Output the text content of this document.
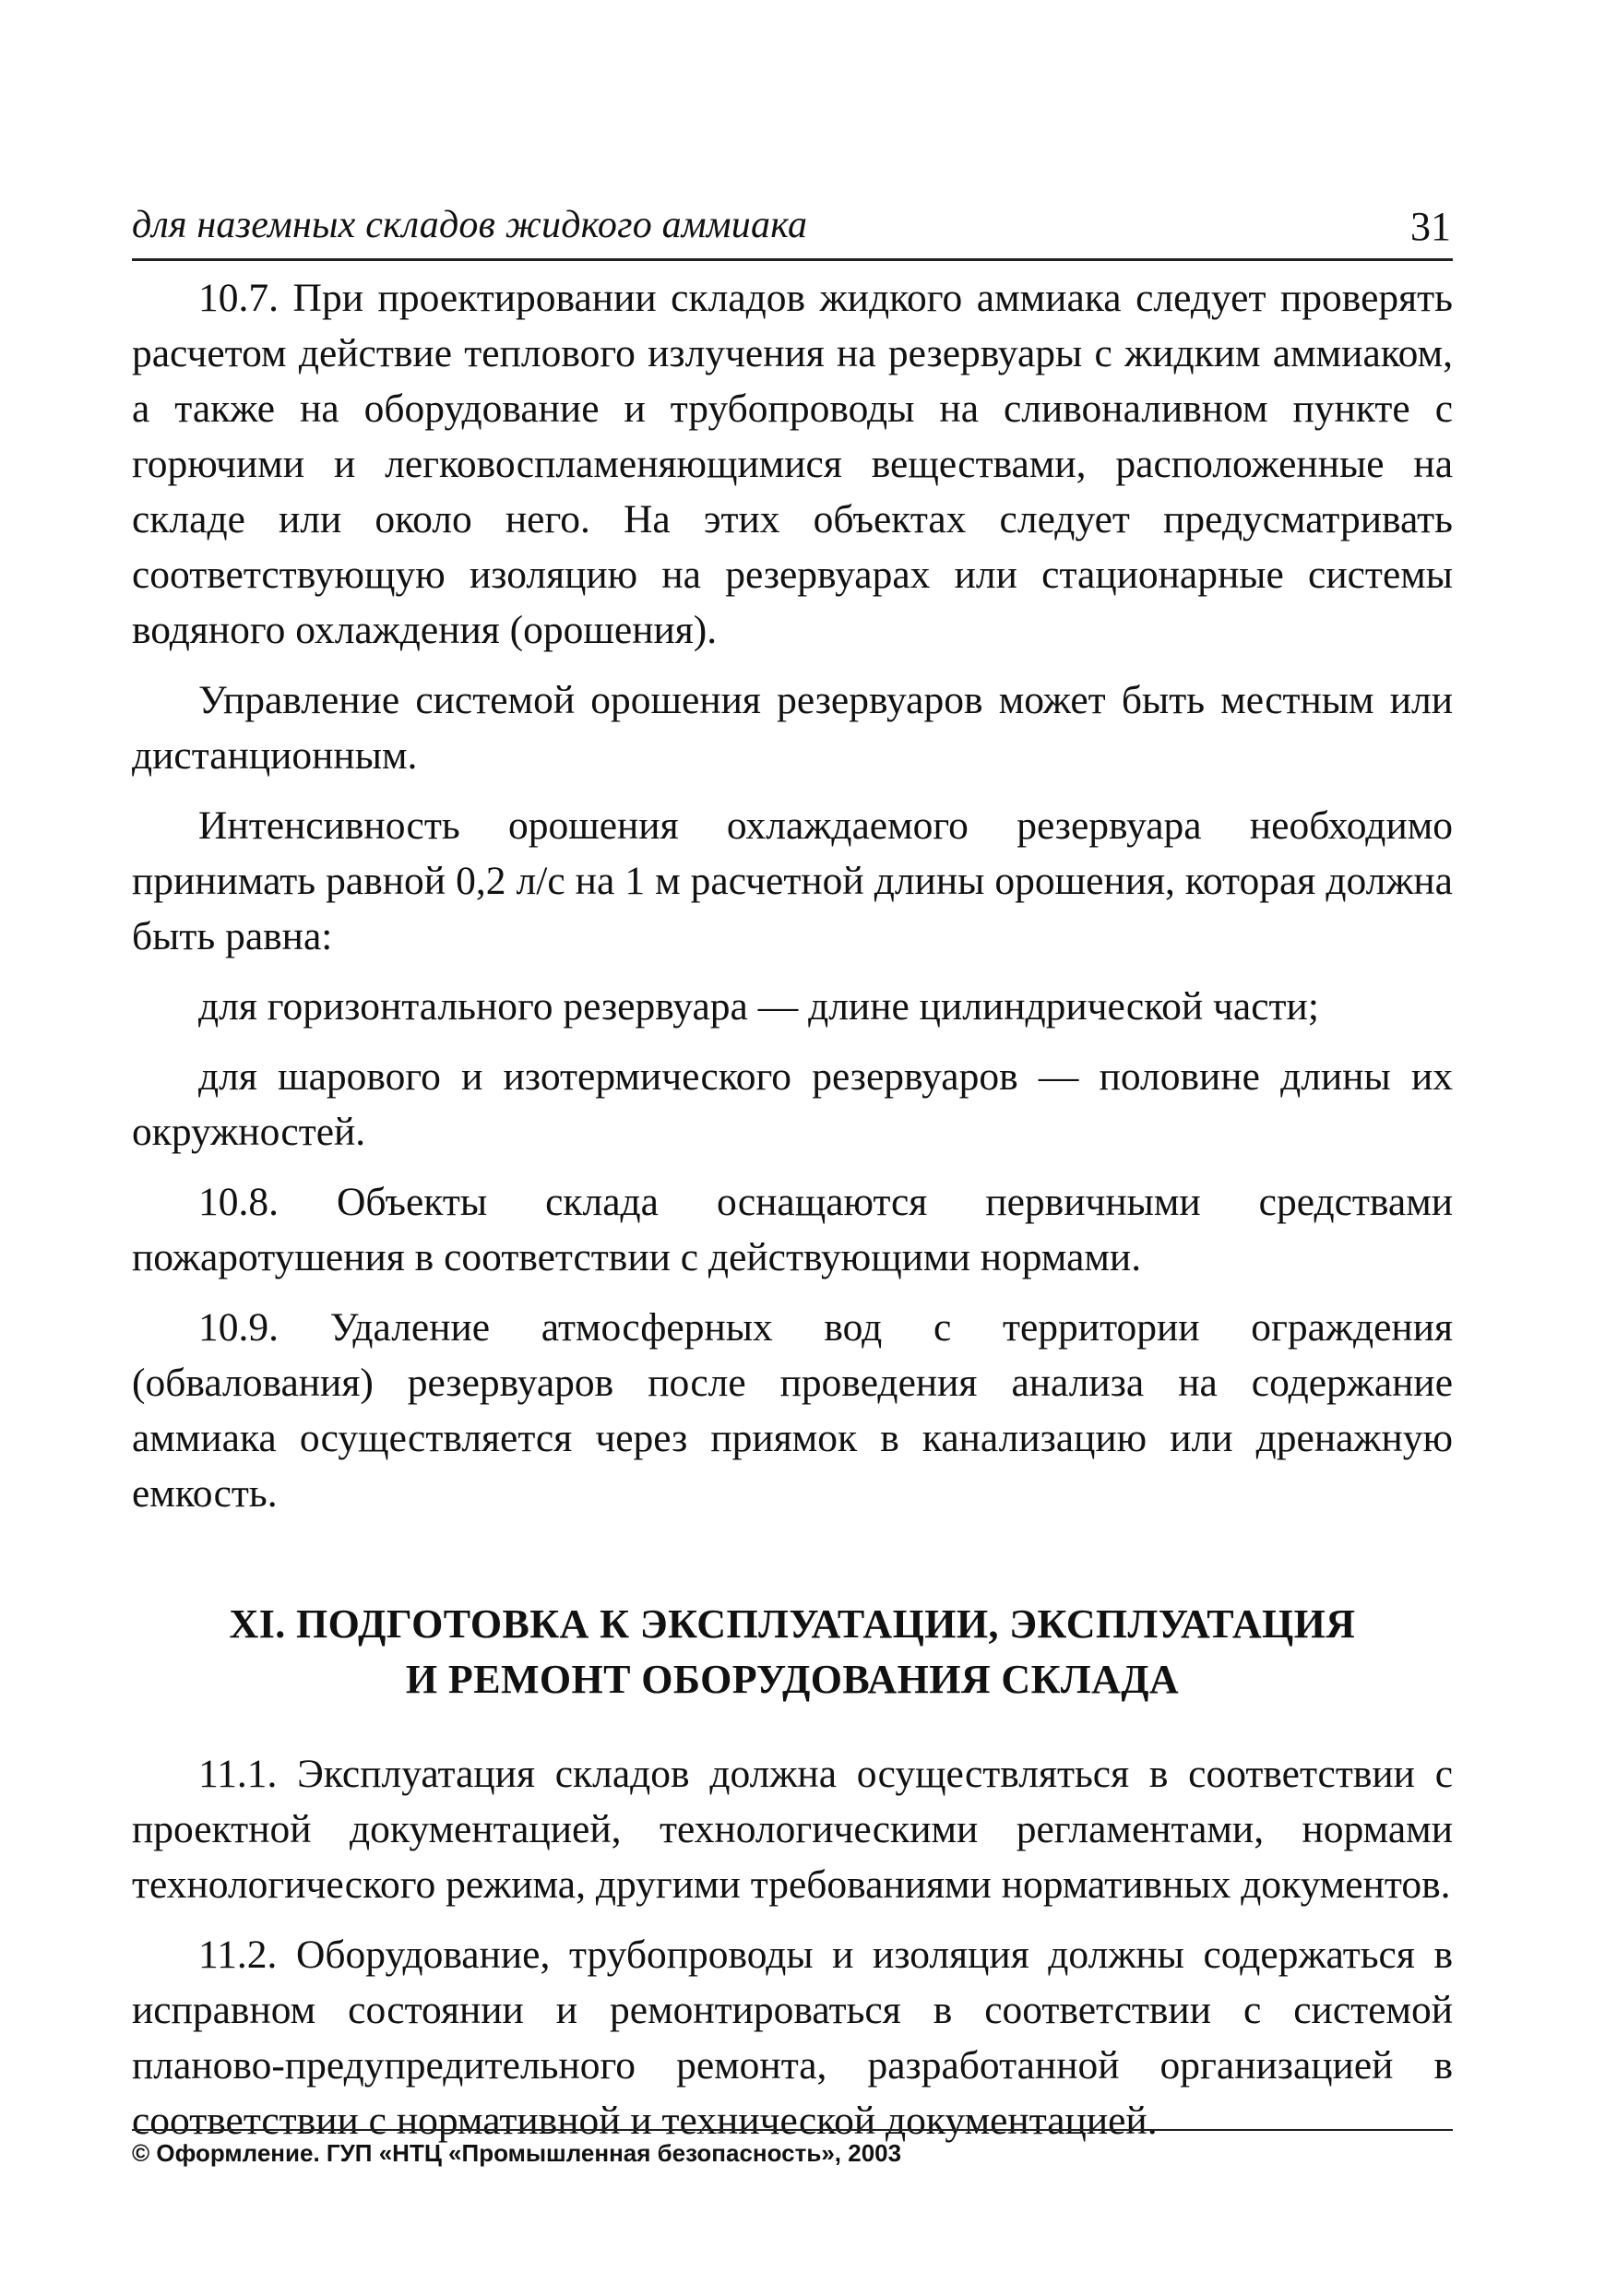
для наземных складов жидкого аммиака	31

10.7. При проектировании складов жидкого аммиака следует проверять расчетом действие теплового излучения на резервуары с жидким аммиаком, а также на оборудование и трубопроводы на сливоналивном пункте с горючими и легковоспламеняющимися веществами, расположенные на складе или около него. На этих объектах следует предусматривать соответствующую изоляцию на резервуарах или стационарные системы водяного охлаждения (орошения).

Управление системой орошения резервуаров может быть местным или дистанционным.

Интенсивность орошения охлаждаемого резервуара необходимо принимать равной 0,2 л/с на 1 м расчетной длины орошения, которая должна быть равна:

для горизонтального резервуара — длине цилиндрической части;

для шарового и изотермического резервуаров — половине длины их окружностей.

10.8. Объекты склада оснащаются первичными средствами пожаротушения в соответствии с действующими нормами.

10.9. Удаление атмосферных вод с территории ограждения (обвалования) резервуаров после проведения анализа на содержание аммиака осуществляется через приямок в канализацию или дренажную емкость.

XI. ПОДГОТОВКА К ЭКСПЛУАТАЦИИ, ЭКСПЛУАТАЦИЯ
И РЕМОНТ ОБОРУДОВАНИЯ СКЛАДА

11.1. Эксплуатация складов должна осуществляться в соответствии с проектной документацией, технологическими регламентами, нормами технологического режима, другими требованиями нормативных документов.

11.2. Оборудование, трубопроводы и изоляция должны содержаться в исправном состоянии и ремонтироваться в соответствии с системой планово-предупредительного ремонта, разработанной организацией в соответствии с нормативной и технической документацией.

© Оформление. ГУП «НТЦ «Промышленная безопасность», 2003
